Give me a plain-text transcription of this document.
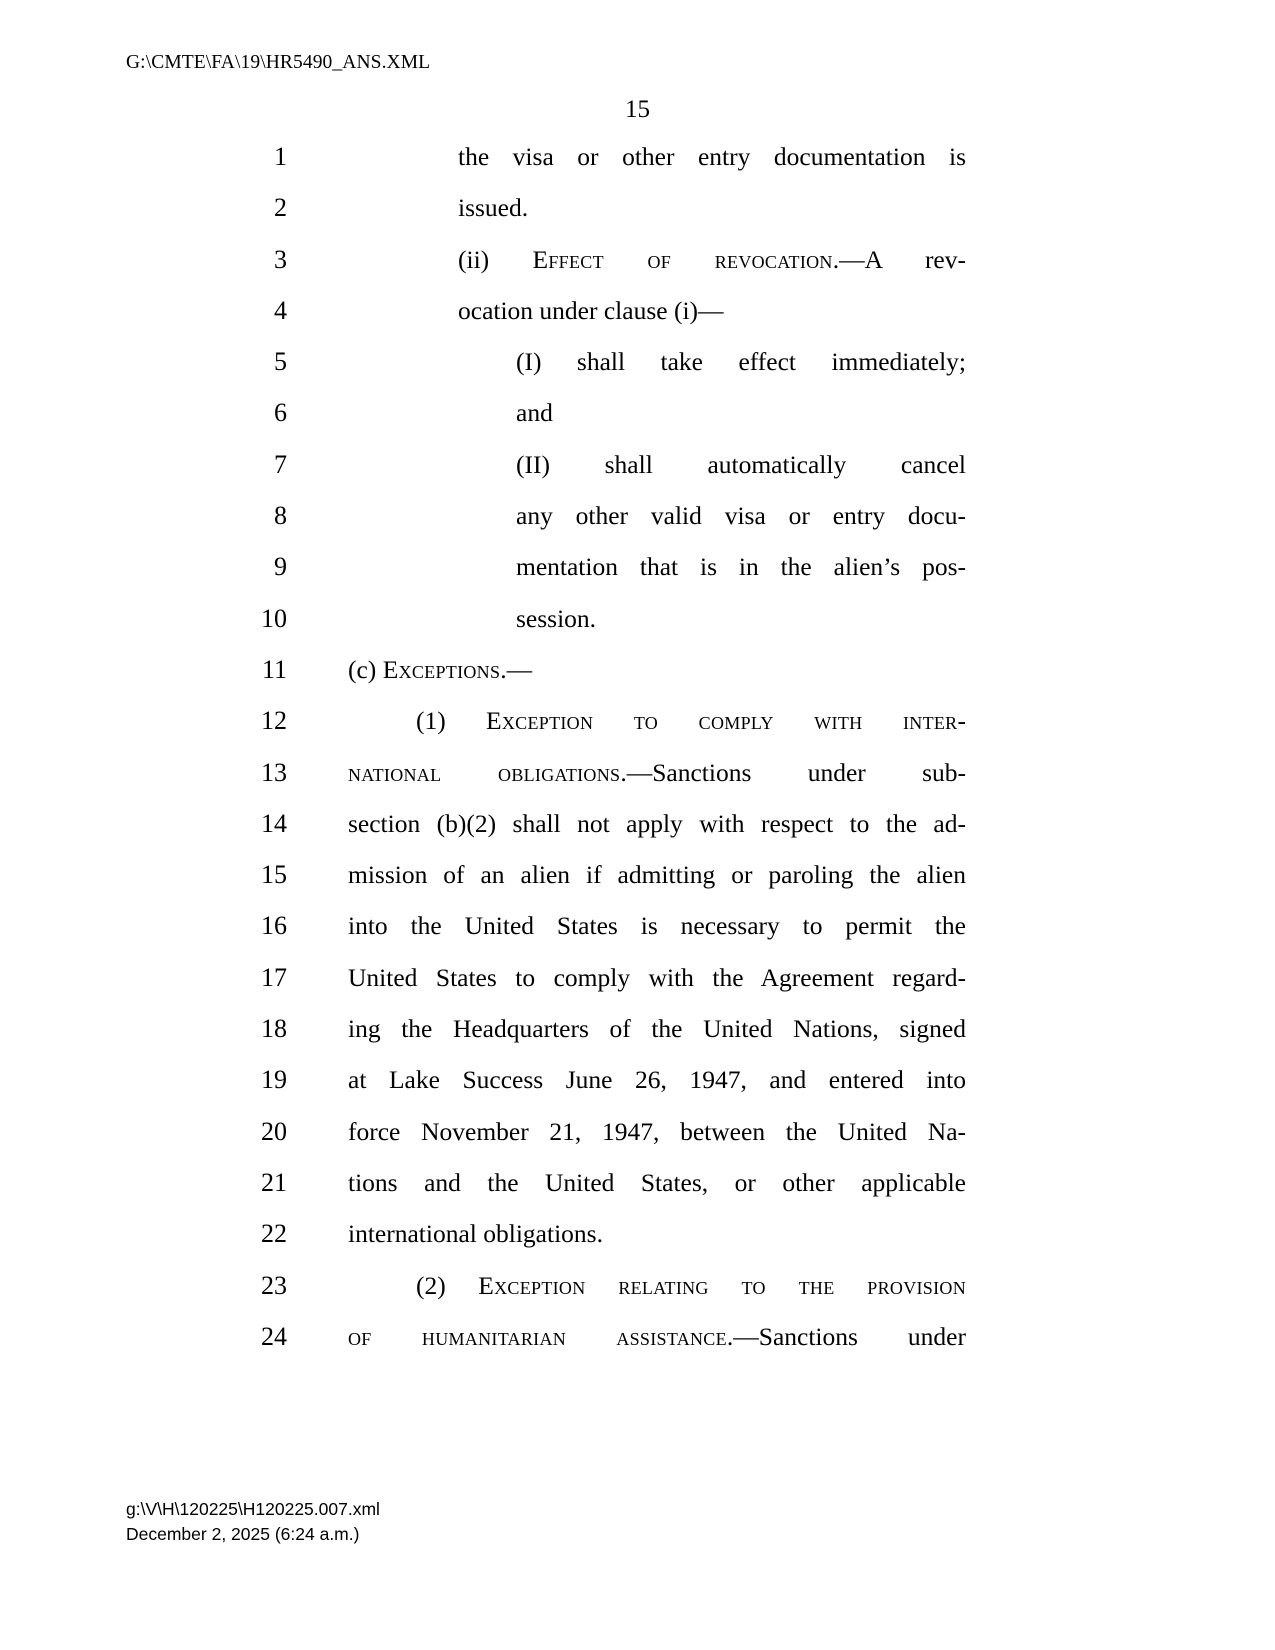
G:\CMTE\FA\19\HR5490_ANS.XML
15
1	the visa or other entry documentation is
2	issued.
3	(ii) Effect of revocation.—A rev-
4	ocation under clause (i)—
5	(I) shall take effect immediately;
6	and
7	(II) shall automatically cancel
8	any other valid visa or entry docu-
9	mentation that is in the alien’s pos-
10	session.
11 (c) Exceptions.—
12	(1) Exception to comply with inter-
13 national obligations.—Sanctions under sub-
14 section (b)(2) shall not apply with respect to the ad-
15 mission of an alien if admitting or paroling the alien
16 into the United States is necessary to permit the
17 United States to comply with the Agreement regard-
18 ing the Headquarters of the United Nations, signed
19 at Lake Success June 26, 1947, and entered into
20 force November 21, 1947, between the United Na-
21 tions and the United States, or other applicable
22 international obligations.
23	(2) Exception relating to the provision
24 of humanitarian assistance.—Sanctions under
g:\V\H\120225\H120225.007.xml
December 2, 2025 (6:24 a.m.)
